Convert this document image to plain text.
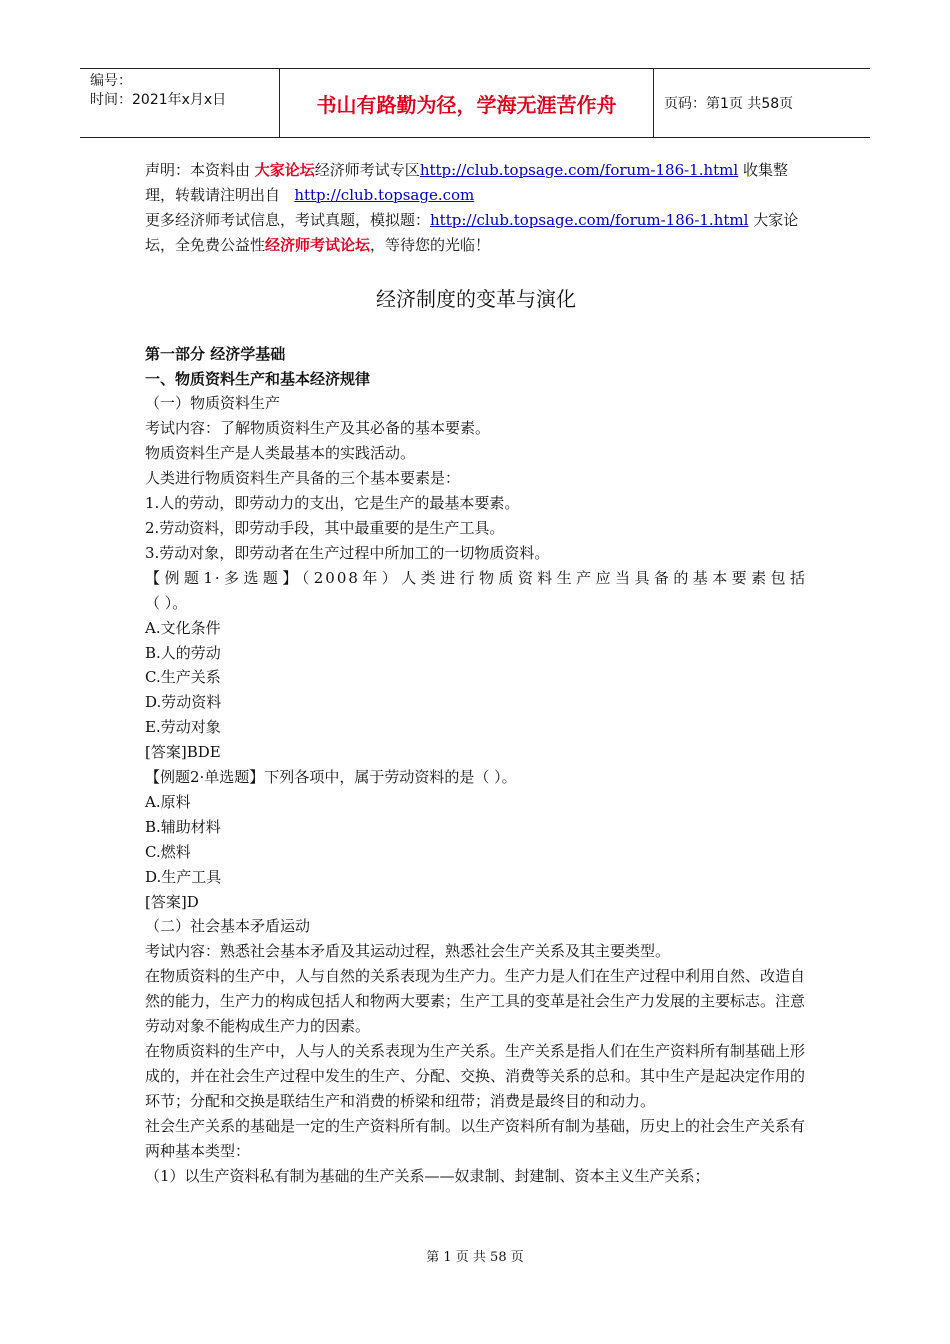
编号：
时间：2021年x月x日	书山有路勤为径，学海无涯苦作舟	页码：第1页 共58页

声明：本资料由 大家论坛经济师考试专区http://club.topsage.com/forum-186-1.html 收集整理，转载请注明出自   http://club.topsage.com

更多经济师考试信息，考试真题，模拟题：http://club.topsage.com/forum-186-1.html 大家论坛，全免费公益性经济师考试论坛，等待您的光临！

经济制度的变革与演化

第一部分 经济学基础

一、物质资料生产和基本经济规律

（一）物质资料生产

考试内容：了解物质资料生产及其必备的基本要素。

物质资料生产是人类最基本的实践活动。

人类进行物质资料生产具备的三个基本要素是：

1.人的劳动，即劳动力的支出，它是生产的最基本要素。

2.劳动资料，即劳动手段，其中最重要的是生产工具。

3.劳动对象，即劳动者在生产过程中所加工的一切物质资料。

【例题1·多选题】（2008年）人类进行物质资料生产应当具备的基本要素包括

（ ）。

A.文化条件

B.人的劳动

C.生产关系

D.劳动资料

E.劳动对象

[答案]BDE

【例题2·单选题】下列各项中，属于劳动资料的是（ ）。

A.原料

B.辅助材料

C.燃料

D.生产工具

[答案]D

（二）社会基本矛盾运动

考试内容：熟悉社会基本矛盾及其运动过程，熟悉社会生产关系及其主要类型。

在物质资料的生产中，人与自然的关系表现为生产力。生产力是人们在生产过程中利用自然、改造自然的能力，生产力的构成包括人和物两大要素；生产工具的变革是社会生产力发展的主要标志。注意劳动对象不能构成生产力的因素。

在物质资料的生产中，人与人的关系表现为生产关系。生产关系是指人们在生产资料所有制基础上形成的，并在社会生产过程中发生的生产、分配、交换、消费等关系的总和。其中生产是起决定作用的环节；分配和交换是联结生产和消费的桥梁和纽带；消费是最终目的和动力。

社会生产关系的基础是一定的生产资料所有制。以生产资料所有制为基础，历史上的社会生产关系有两种基本类型：

（1）以生产资料私有制为基础的生产关系——奴隶制、封建制、资本主义生产关系；

第 1 页 共 58 页
